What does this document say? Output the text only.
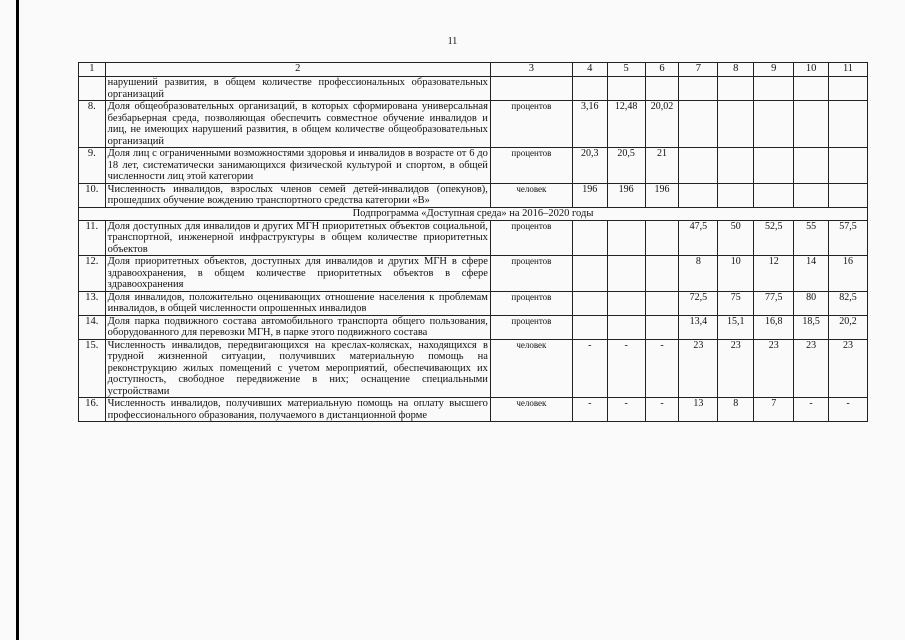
11
1	2	3	4	5	6	7	8	9	10	11
	нарушений развития, в общем количестве профессиональных образовательных организаций									
8.	Доля общеобразовательных организаций, в которых сформирована универсальная безбарьерная среда, позволяющая обеспечить совместное обучение инвалидов и лиц, не имеющих нарушений развития, в общем количестве общеобразовательных организаций	процентов	3,16	12,48	20,02					
9.	Доля лиц с ограниченными возможностями здоровья и инвалидов в возрасте от 6 до 18 лет, систематически занимающихся физической культурой и спортом, в общей численности лиц этой категории	процентов	20,3	20,5	21					
10.	Численность инвалидов, взрослых членов семей детей-инвалидов (опекунов), прошедших обучение вождению транспортного средства категории «В»	человек	196	196	196					
Подпрограмма «Доступная среда» на 2016–2020 годы										
11.	Доля доступных для инвалидов и других МГН приоритетных объектов социальной, транспортной, инженерной инфраструктуры в общем количестве приоритетных объектов	процентов				47,5	50	52,5	55	57,5
12.	Доля приоритетных объектов, доступных для инвалидов и других МГН в сфере здравоохранения, в общем количестве приоритетных объектов в сфере здравоохранения	процентов				8	10	12	14	16
13.	Доля инвалидов, положительно оценивающих отношение населения к проблемам инвалидов, в общей численности опрошенных инвалидов	процентов				72,5	75	77,5	80	82,5
14.	Доля парка подвижного состава автомобильного транспорта общего пользования, оборудованного для перевозки МГН, в парке этого подвижного состава	процентов				13,4	15,1	16,8	18,5	20,2
15.	Численность инвалидов, передвигающихся на креслах-колясках, находящихся в трудной жизненной ситуации, получивших материальную помощь на реконструкцию жилых помещений с учетом мероприятий, обеспечивающих их доступность, свободное передвижение в них; оснащение специальными устройствами	человек	-	-	-	23	23	23	23	23
16.	Численность инвалидов, получивших материальную помощь на оплату высшего профессионального образования, получаемого в дистанционной форме	человек	-	-	-	13	8	7	-	-
